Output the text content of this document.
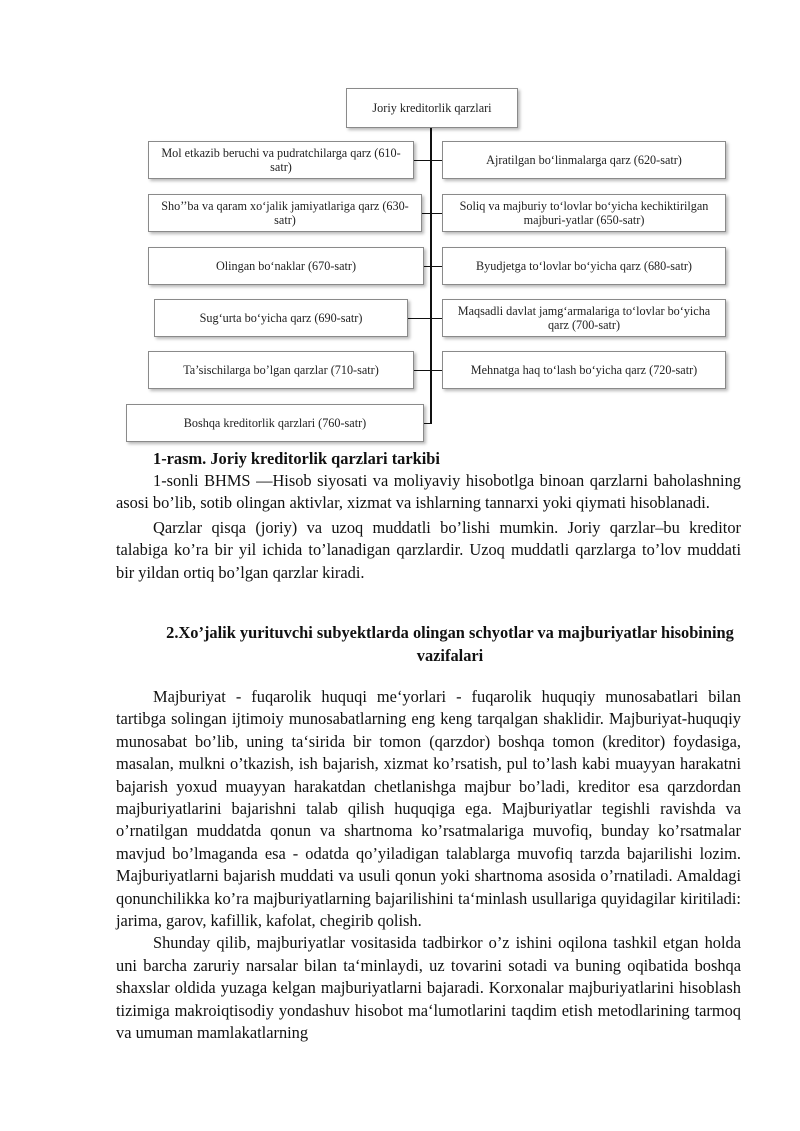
Joriy kreditorlik qarzlari
Mol etkazib beruchi va pudratchilarga qarz (610-satr)
Sho’’ba va qaram xo‘jalik jamiyatlariga qarz (630-satr)
Olingan bo‘naklar (670-satr)
Sug‘urta bo‘yicha qarz (690-satr)
Ta’sischilarga bo’lgan qarzlar (710-satr)
Boshqa kreditorlik qarzlari (760-satr)
Ajratilgan bo‘linmalarga qarz (620-satr)
Soliq va majburiy to‘lovlar bo‘yicha kechiktirilgan majburi-yatlar (650-satr)
Byudjetga to‘lovlar bo‘yicha qarz (680-satr)
Maqsadli davlat jamg‘armalariga to‘lovlar bo‘yicha qarz (700-satr)
Mehnatga haq to‘lash bo‘yicha qarz (720-satr)
1-rasm. Joriy kreditorlik qarzlari tarkibi

1-sonli BHMS —Hisob siyosati va moliyaviy hisobotlga binoan qarzlarni baholashning asosi bo’lib, sotib olingan aktivlar, xizmat va ishlarning tannarxi yoki qiymati hisoblanadi.

Qarzlar qisqa (joriy) va uzoq muddatli bo’lishi mumkin. Joriy qarzlar–bu kreditor talabiga ko’ra bir yil ichida to’lanadigan qarzlardir. Uzoq muddatli qarzlarga to’lov muddati bir yildan ortiq bo’lgan qarzlar kiradi.

2.Xo’jalik yurituvchi subyektlarda olingan schyotlar va majburiyatlar hisobining vazifalari

Majburiyat - fuqarolik huquqi me‘yorlari - fuqarolik huquqiy munosabatlari bilan tartibga solingan ijtimoiy munosabatlarning eng keng tarqalgan shaklidir. Majburiyat-huquqiy munosabat bo’lib, uning ta‘sirida bir tomon (qarzdor) boshqa tomon (kreditor) foydasiga, masalan, mulkni o’tkazish, ish bajarish, xizmat ko’rsatish, pul to’lash kabi muayyan harakatni bajarish yoxud muayyan harakatdan chetlanishga majbur bo’ladi, kreditor esa qarzdordan majburiyatlarini bajarishni talab qilish huquqiga ega. Majburiyatlar tegishli ravishda va o’rnatilgan muddatda qonun va shartnoma ko’rsatmalariga muvofiq, bunday ko’rsatmalar mavjud bo’lmaganda esa - odatda qo’yiladigan talablarga muvofiq tarzda bajarilishi lozim. Majburiyatlarni bajarish muddati va usuli qonun yoki shartnoma asosida o’rnatiladi. Amaldagi qonunchilikka ko’ra majburiyatlarning bajarilishini ta‘minlash usullariga quyidagilar kiritiladi: jarima, garov, kafillik, kafolat, chegirib qolish.

Shunday qilib, majburiyatlar vositasida tadbirkor o’z ishini oqilona tashkil etgan holda uni barcha zaruriy narsalar bilan ta‘minlaydi, uz tovarini sotadi va buning oqibatida boshqa shaxslar oldida yuzaga kelgan majburiyatlarni bajaradi. Korxonalar majburiyatlarini hisoblash tizimiga makroiqtisodiy yondashuv hisobot ma‘lumotlarini taqdim etish metodlarining tarmoq va umuman mamlakatlarning
